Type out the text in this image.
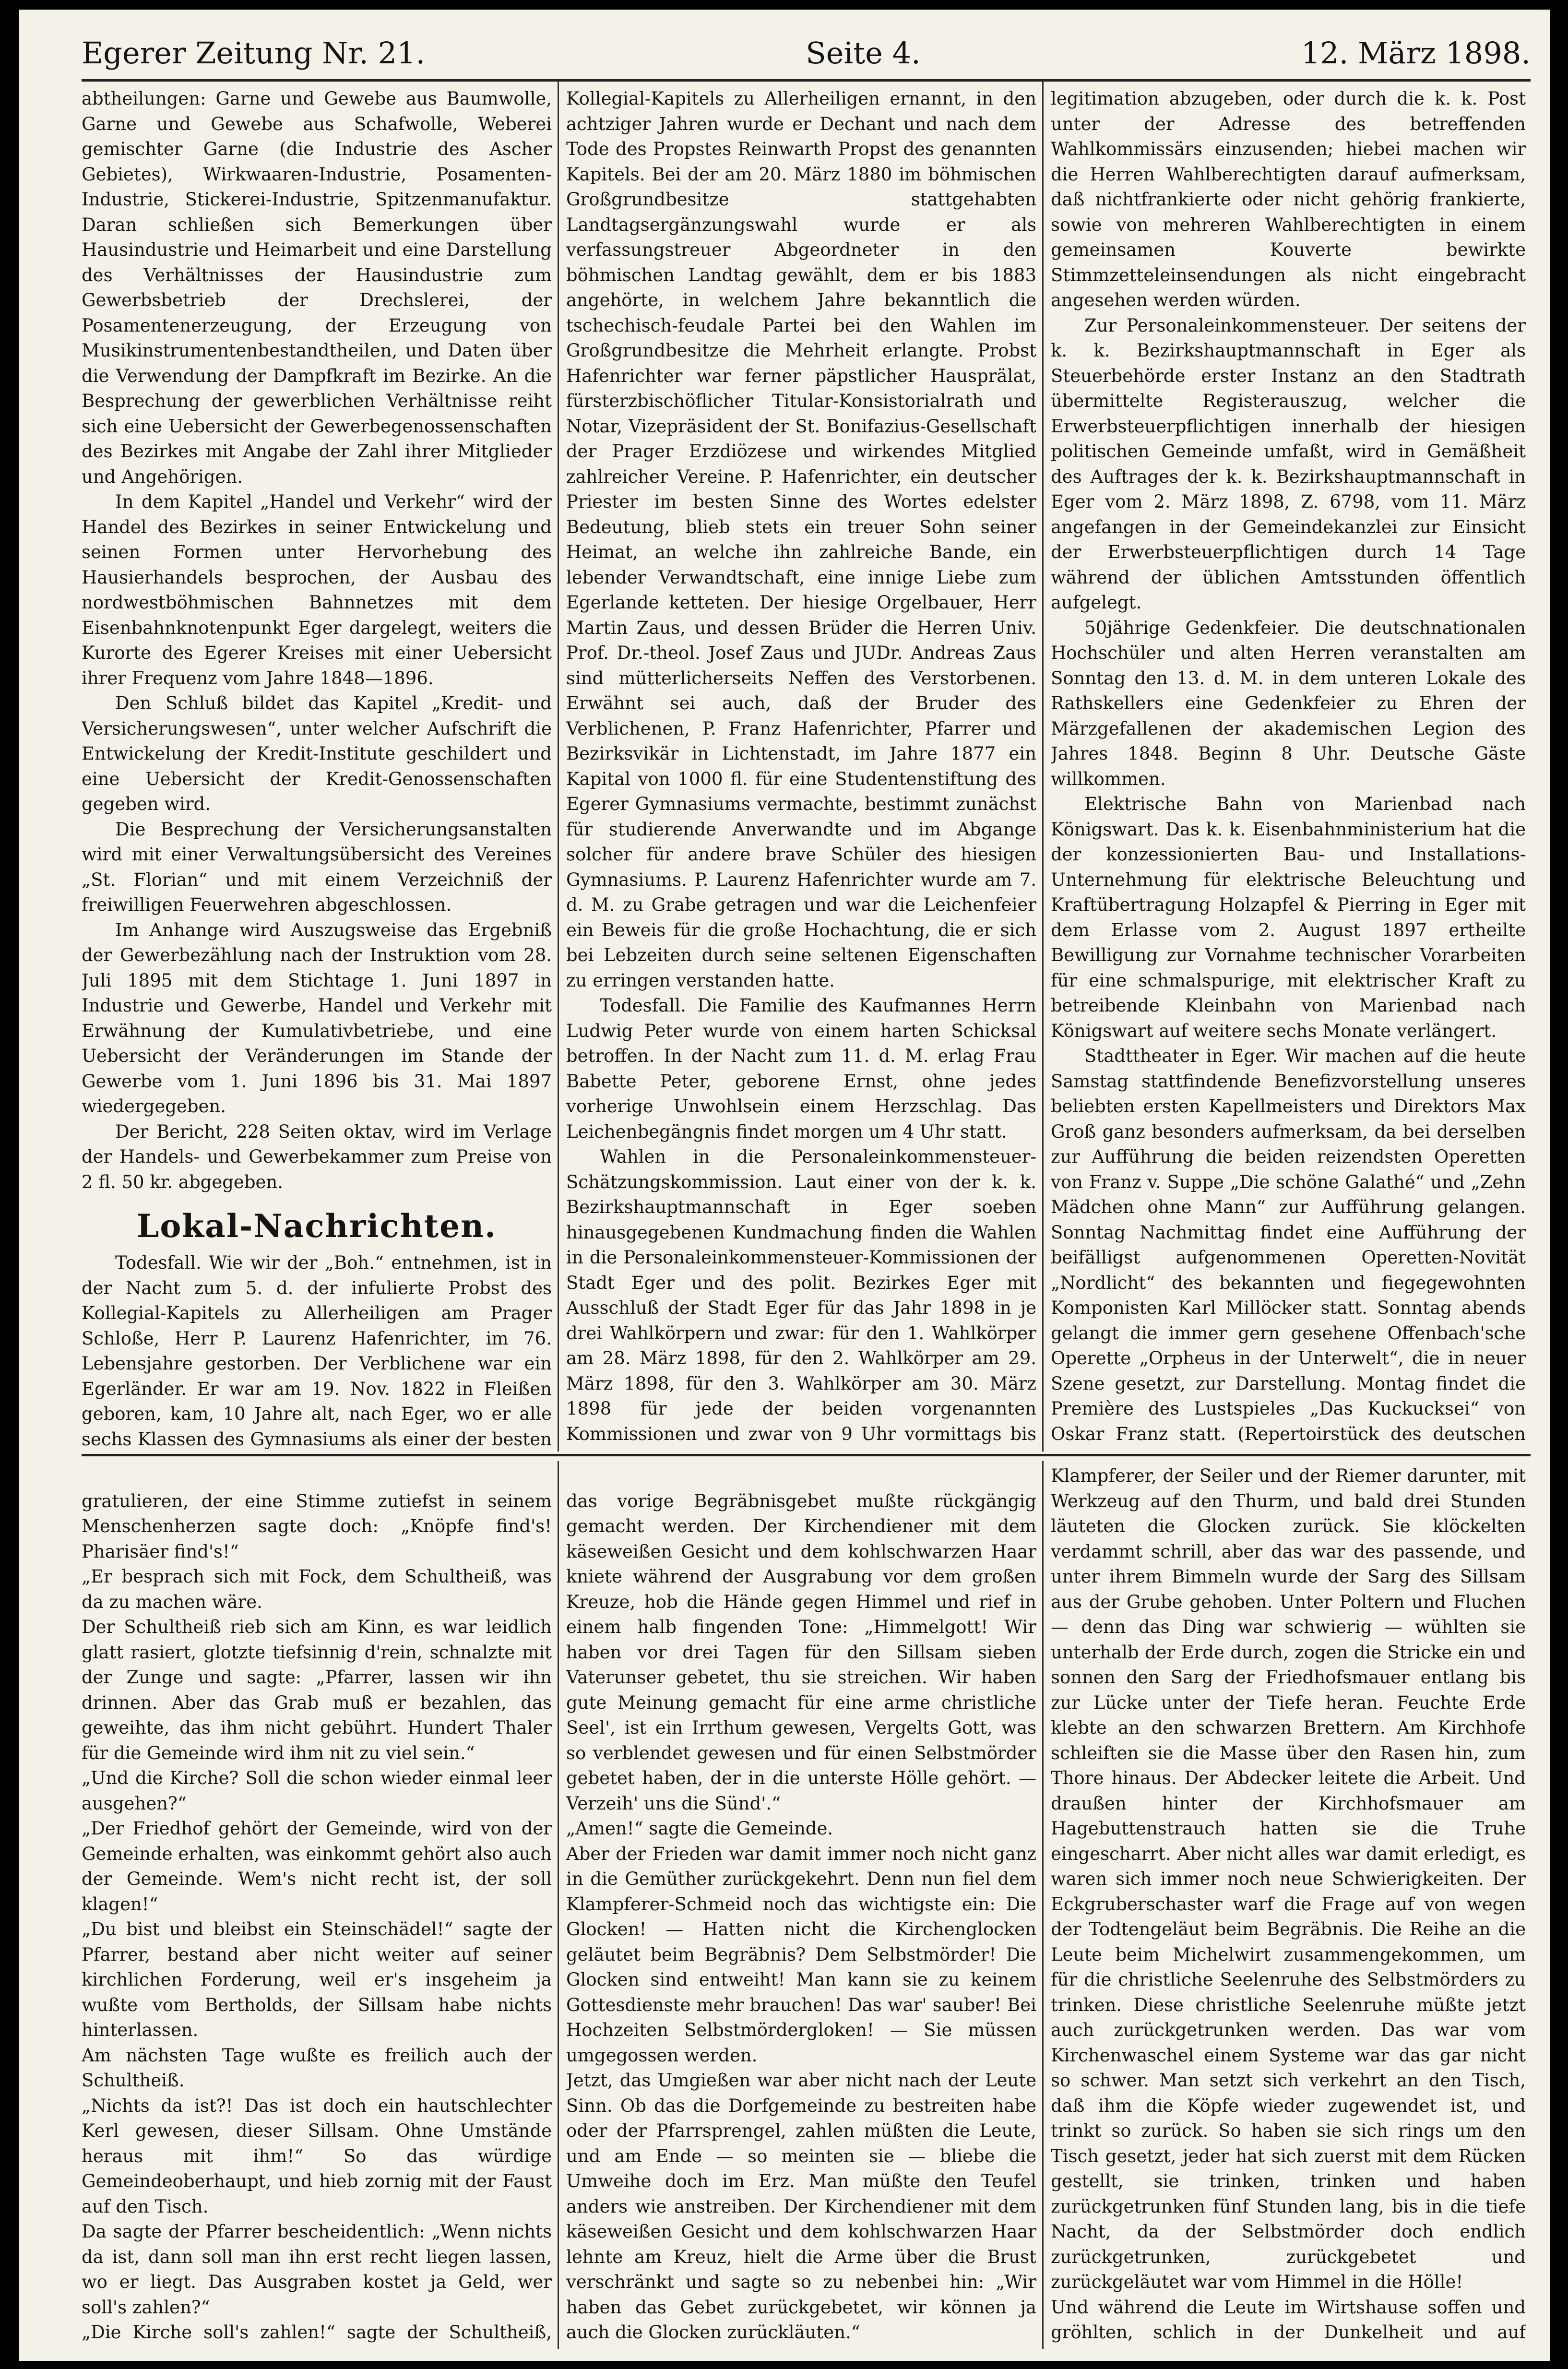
Egerer Zeitung Nr. 21.	Seite 4.	12. März 1898.

abtheilungen: Garne und Gewebe aus Baumwolle, Garne und Gewebe aus Schafwolle, Weberei gemischter Garne (die Industrie des Ascher Gebietes), Wirkwaaren-Industrie, Posamenten-Industrie, Stickerei-Industrie, Spitzenmanufaktur. Daran schließen sich Bemerkungen über Hausindustrie und Heimarbeit und eine Darstellung des Verhältnisses der Hausindustrie zum Gewerbsbetrieb der Drechslerei, der Posamentenerzeugung, der Erzeugung von Musikinstrumentenbestandtheilen, und Daten über die Verwendung der Dampfkraft im Bezirke. An die Besprechung der gewerblichen Verhältnisse reiht sich eine Uebersicht der Gewerbegenossenschaften des Bezirkes mit Angabe der Zahl ihrer Mitglieder und Angehörigen.

In dem Kapitel „Handel und Verkehr“ wird der Handel des Bezirkes in seiner Entwickelung und seinen Formen unter Hervorhebung des Hausierhandels besprochen, der Ausbau des nordwestböhmischen Bahnnetzes mit dem Eisenbahnknotenpunkt Eger dargelegt, weiters die Kurorte des Egerer Kreises mit einer Uebersicht ihrer Frequenz vom Jahre 1848—1896.

Den Schluß bildet das Kapitel „Kredit- und Versicherungswesen“, unter welcher Aufschrift die Entwickelung der Kredit-Institute geschildert und eine Uebersicht der Kredit-Genossenschaften gegeben wird.

Die Besprechung der Versicherungsanstalten wird mit einer Verwaltungsübersicht des Vereines „St. Florian“ und mit einem Verzeichniß der freiwilligen Feuerwehren abgeschlossen.

Im Anhange wird Auszugsweise das Ergebniß der Gewerbezählung nach der Instruktion vom 28. Juli 1895 mit dem Stichtage 1. Juni 1897 in Industrie und Gewerbe, Handel und Verkehr mit Erwähnung der Kumulativbetriebe, und eine Uebersicht der Veränderungen im Stande der Gewerbe vom 1. Juni 1896 bis 31. Mai 1897 wiedergegeben.

Der Bericht, 228 Seiten oktav, wird im Verlage der Handels- und Gewerbekammer zum Preise von 2 fl. 50 kr. abgegeben.

Lokal-Nachrichten.

Todesfall. Wie wir der „Boh.“ entnehmen, ist in der Nacht zum 5. d. der infulierte Probst des Kollegial-Kapitels zu Allerheiligen am Prager Schloße, Herr P. Laurenz Hafenrichter, im 76. Lebensjahre gestorben. Der Verblichene war ein Egerländer. Er war am 19. Nov. 1822 in Fleißen geboren, kam, 10 Jahre alt, nach Eger, wo er alle sechs Klassen des Gymnasiums als einer der besten

Kollegial-Kapitels zu Allerheiligen ernannt, in den achtziger Jahren wurde er Dechant und nach dem Tode des Propstes Reinwarth Propst des genannten Kapitels. Bei der am 20. März 1880 im böhmischen Großgrundbesitze stattgehabten Landtagsergänzungswahl wurde er als verfassungstreuer Abgeordneter in den böhmischen Landtag gewählt, dem er bis 1883 angehörte, in welchem Jahre bekanntlich die tschechisch-feudale Partei bei den Wahlen im Großgrundbesitze die Mehrheit erlangte. Probst Hafenrichter war ferner päpstlicher Hausprälat, fürsterzbischöflicher Titular-Konsistorialrath und Notar, Vizepräsident der St. Bonifazius-Gesellschaft der Prager Erzdiözese und wirkendes Mitglied zahlreicher Vereine. P. Hafenrichter, ein deutscher Priester im besten Sinne des Wortes edelster Bedeutung, blieb stets ein treuer Sohn seiner Heimat, an welche ihn zahlreiche Bande, ein lebender Verwandtschaft, eine innige Liebe zum Egerlande ketteten. Der hiesige Orgelbauer, Herr Martin Zaus, und dessen Brüder die Herren Univ. Prof. Dr.-theol. Josef Zaus und JUDr. Andreas Zaus sind mütterlicherseits Neffen des Verstorbenen. Erwähnt sei auch, daß der Bruder des Verblichenen, P. Franz Hafenrichter, Pfarrer und Bezirksvikär in Lichtenstadt, im Jahre 1877 ein Kapital von 1000 fl. für eine Studentenstiftung des Egerer Gymnasiums vermachte, bestimmt zunächst für studierende Anverwandte und im Abgange solcher für andere brave Schüler des hiesigen Gymnasiums. P. Laurenz Hafenrichter wurde am 7. d. M. zu Grabe getragen und war die Leichenfeier ein Beweis für die große Hochachtung, die er sich bei Lebzeiten durch seine seltenen Eigenschaften zu erringen verstanden hatte.

Todesfall. Die Familie des Kaufmannes Herrn Ludwig Peter wurde von einem harten Schicksal betroffen. In der Nacht zum 11. d. M. erlag Frau Babette Peter, geborene Ernst, ohne jedes vorherige Unwohlsein einem Herzschlag. Das Leichenbegängnis findet morgen um 4 Uhr statt.

Wahlen in die Personaleinkommensteuer-Schätzungskommission. Laut einer von der k. k. Bezirkshauptmannschaft in Eger soeben hinausgegebenen Kundmachung finden die Wahlen in die Personaleinkommensteuer-Kommissionen der Stadt Eger und des polit. Bezirkes Eger mit Ausschluß der Stadt Eger für das Jahr 1898 in je drei Wahlkörpern und zwar: für den 1. Wahlkörper am 28. März 1898, für den 2. Wahlkörper am 29. März 1898, für den 3. Wahlkörper am 30. März 1898 für jede der beiden vorgenannten Kommissionen und zwar von 9 Uhr vormittags bis

legitimation abzugeben, oder durch die k. k. Post unter der Adresse des betreffenden Wahlkommissärs einzusenden; hiebei machen wir die Herren Wahlberechtigten darauf aufmerksam, daß nichtfrankierte oder nicht gehörig frankierte, sowie von mehreren Wahlberechtigten in einem gemeinsamen Kouverte bewirkte Stimmzetteleinsendungen als nicht eingebracht angesehen werden würden.

Zur Personaleinkommensteuer. Der seitens der k. k. Bezirkshauptmannschaft in Eger als Steuerbehörde erster Instanz an den Stadtrath übermittelte Registerauszug, welcher die Erwerbsteuerpflichtigen innerhalb der hiesigen politischen Gemeinde umfaßt, wird in Gemäßheit des Auftrages der k. k. Bezirkshauptmannschaft in Eger vom 2. März 1898, Z. 6798, vom 11. März angefangen in der Gemeindekanzlei zur Einsicht der Erwerbsteuerpflichtigen durch 14 Tage während der üblichen Amtsstunden öffentlich aufgelegt.

50jährige Gedenkfeier. Die deutschnationalen Hochschüler und alten Herren veranstalten am Sonntag den 13. d. M. in dem unteren Lokale des Rathskellers eine Gedenkfeier zu Ehren der Märzgefallenen der akademischen Legion des Jahres 1848. Beginn 8 Uhr. Deutsche Gäste willkommen.

Elektrische Bahn von Marienbad nach Königswart. Das k. k. Eisenbahnministerium hat die der konzessionierten Bau- und Installations-Unternehmung für elektrische Beleuchtung und Kraftübertragung Holzapfel & Pierring in Eger mit dem Erlasse vom 2. August 1897 ertheilte Bewilligung zur Vornahme technischer Vorarbeiten für eine schmalspurige, mit elektrischer Kraft zu betreibende Kleinbahn von Marienbad nach Königswart auf weitere sechs Monate verlängert.

Stadttheater in Eger. Wir machen auf die heute Samstag stattfindende Benefizvorstellung unseres beliebten ersten Kapellmeisters und Direktors Max Groß ganz besonders aufmerksam, da bei derselben zur Aufführung die beiden reizendsten Operetten von Franz v. Suppe „Die schöne Galathé“ und „Zehn Mädchen ohne Mann“ zur Aufführung gelangen. Sonntag Nachmittag findet eine Aufführung der beifälligst aufgenommenen Operetten-Novität „Nordlicht“ des bekannten und fiegegewohnten Komponisten Karl Millöcker statt. Sonntag abends gelangt die immer gern gesehene Offenbach'sche Operette „Orpheus in der Unterwelt“, die in neuer Szene gesetzt, zur Darstellung. Montag findet die Première des Lustspieles „Das Kuckucksei“ von Oskar Franz statt. (Repertoirstück des deutschen

gratulieren, der eine Stimme zutiefst in seinem Menschenherzen sagte doch: „Knöpfe find's! Pharisäer find's!“
„Er besprach sich mit Fock, dem Schultheiß, was da zu machen wäre.
Der Schultheiß rieb sich am Kinn, es war leidlich glatt rasiert, glotzte tiefsinnig d'rein, schnalzte mit der Zunge und sagte: „Pfarrer, lassen wir ihn drinnen. Aber das Grab muß er bezahlen, das geweihte, das ihm nicht gebührt. Hundert Thaler für die Gemeinde wird ihm nit zu viel sein.“
„Und die Kirche? Soll die schon wieder einmal leer ausgehen?“
„Der Friedhof gehört der Gemeinde, wird von der Gemeinde erhalten, was einkommt gehört also auch der Gemeinde. Wem's nicht recht ist, der soll klagen!“
„Du bist und bleibst ein Steinschädel!“ sagte der Pfarrer, bestand aber nicht weiter auf seiner kirchlichen Forderung, weil er's insgeheim ja wußte vom Bertholds, der Sillsam habe nichts hinterlassen.
Am nächsten Tage wußte es freilich auch der Schultheiß.
„Nichts da ist?! Das ist doch ein hautschlechter Kerl gewesen, dieser Sillsam. Ohne Umstände heraus mit ihm!“ So das würdige Gemeindeoberhaupt, und hieb zornig mit der Faust auf den Tisch.
Da sagte der Pfarrer bescheidentlich: „Wenn nichts da ist, dann soll man ihn erst recht liegen lassen, wo er liegt. Das Ausgraben kostet ja Geld, wer soll's zahlen?“
„Die Kirche soll's zahlen!“ sagte der Schultheiß,

das vorige Begräbnisgebet mußte rückgängig gemacht werden. Der Kirchendiener mit dem käseweißen Gesicht und dem kohlschwarzen Haar kniete während der Ausgrabung vor dem großen Kreuze, hob die Hände gegen Himmel und rief in einem halb fingenden Tone: „Himmelgott! Wir haben vor drei Tagen für den Sillsam sieben Vaterunser gebetet, thu sie streichen. Wir haben gute Meinung gemacht für eine arme christliche Seel', ist ein Irrthum gewesen, Vergelts Gott, was so verblendet gewesen und für einen Selbstmörder gebetet haben, der in die unterste Hölle gehört. — Verzeih' uns die Sünd'.“
„Amen!“ sagte die Gemeinde.
Aber der Frieden war damit immer noch nicht ganz in die Gemüther zurückgekehrt. Denn nun fiel dem Klampferer-Schmeid noch das wichtigste ein: Die Glocken! — Hatten nicht die Kirchenglocken geläutet beim Begräbnis? Dem Selbstmörder! Die Glocken sind entweiht! Man kann sie zu keinem Gottesdienste mehr brauchen! Das war' sauber! Bei Hochzeiten Selbstmördergloken! — Sie müssen umgegossen werden.
Jetzt, das Umgießen war aber nicht nach der Leute Sinn. Ob das die Dorfgemeinde zu bestreiten habe oder der Pfarrsprengel, zahlen müßten die Leute, und am Ende — so meinten sie — bliebe die Umweihe doch im Erz. Man müßte den Teufel anders wie anstreiben. Der Kirchendiener mit dem käseweißen Gesicht und dem kohlschwarzen Haar lehnte am Kreuz, hielt die Arme über die Brust verschränkt und sagte so zu nebenbei hin: „Wir haben das Gebet zurückgebetet, wir können ja auch die Glocken zurückläuten.“

Klampferer, der Seiler und der Riemer darunter, mit Werkzeug auf den Thurm, und bald drei Stunden läuteten die Glocken zurück. Sie klöckelten verdammt schrill, aber das war des passende, und unter ihrem Bimmeln wurde der Sarg des Sillsam aus der Grube gehoben. Unter Poltern und Fluchen — denn das Ding war schwierig — wühlten sie unterhalb der Erde durch, zogen die Stricke ein und sonnen den Sarg der Friedhofsmauer entlang bis zur Lücke unter der Tiefe heran. Feuchte Erde klebte an den schwarzen Brettern. Am Kirchhofe schleiften sie die Masse über den Rasen hin, zum Thore hinaus. Der Abdecker leitete die Arbeit. Und draußen hinter der Kirchhofsmauer am Hagebuttenstrauch hatten sie die Truhe eingescharrt. Aber nicht alles war damit erledigt, es waren sich immer noch neue Schwierigkeiten. Der Eckgruberschaster warf die Frage auf von wegen der Todtengeläut beim Begräbnis. Die Reihe an die Leute beim Michelwirt zusammengekommen, um für die christliche Seelenruhe des Selbstmörders zu trinken. Diese christliche Seelenruhe müßte jetzt auch zurückgetrunken werden. Das war vom Kirchenwaschel einem Systeme war das gar nicht so schwer. Man setzt sich verkehrt an den Tisch, daß ihm die Köpfe wieder zugewendet ist, und trinkt so zurück. So haben sie sich rings um den Tisch gesetzt, jeder hat sich zuerst mit dem Rücken gestellt, sie trinken, trinken und haben zurückgetrunken fünf Stunden lang, bis in die tiefe Nacht, da der Selbstmörder doch endlich zurückgetrunken, zurückgebetet und zurückgeläutet war vom Himmel in die Hölle!
Und während die Leute im Wirtshause soffen und gröhlten, schlich in der Dunkelheit und auf
